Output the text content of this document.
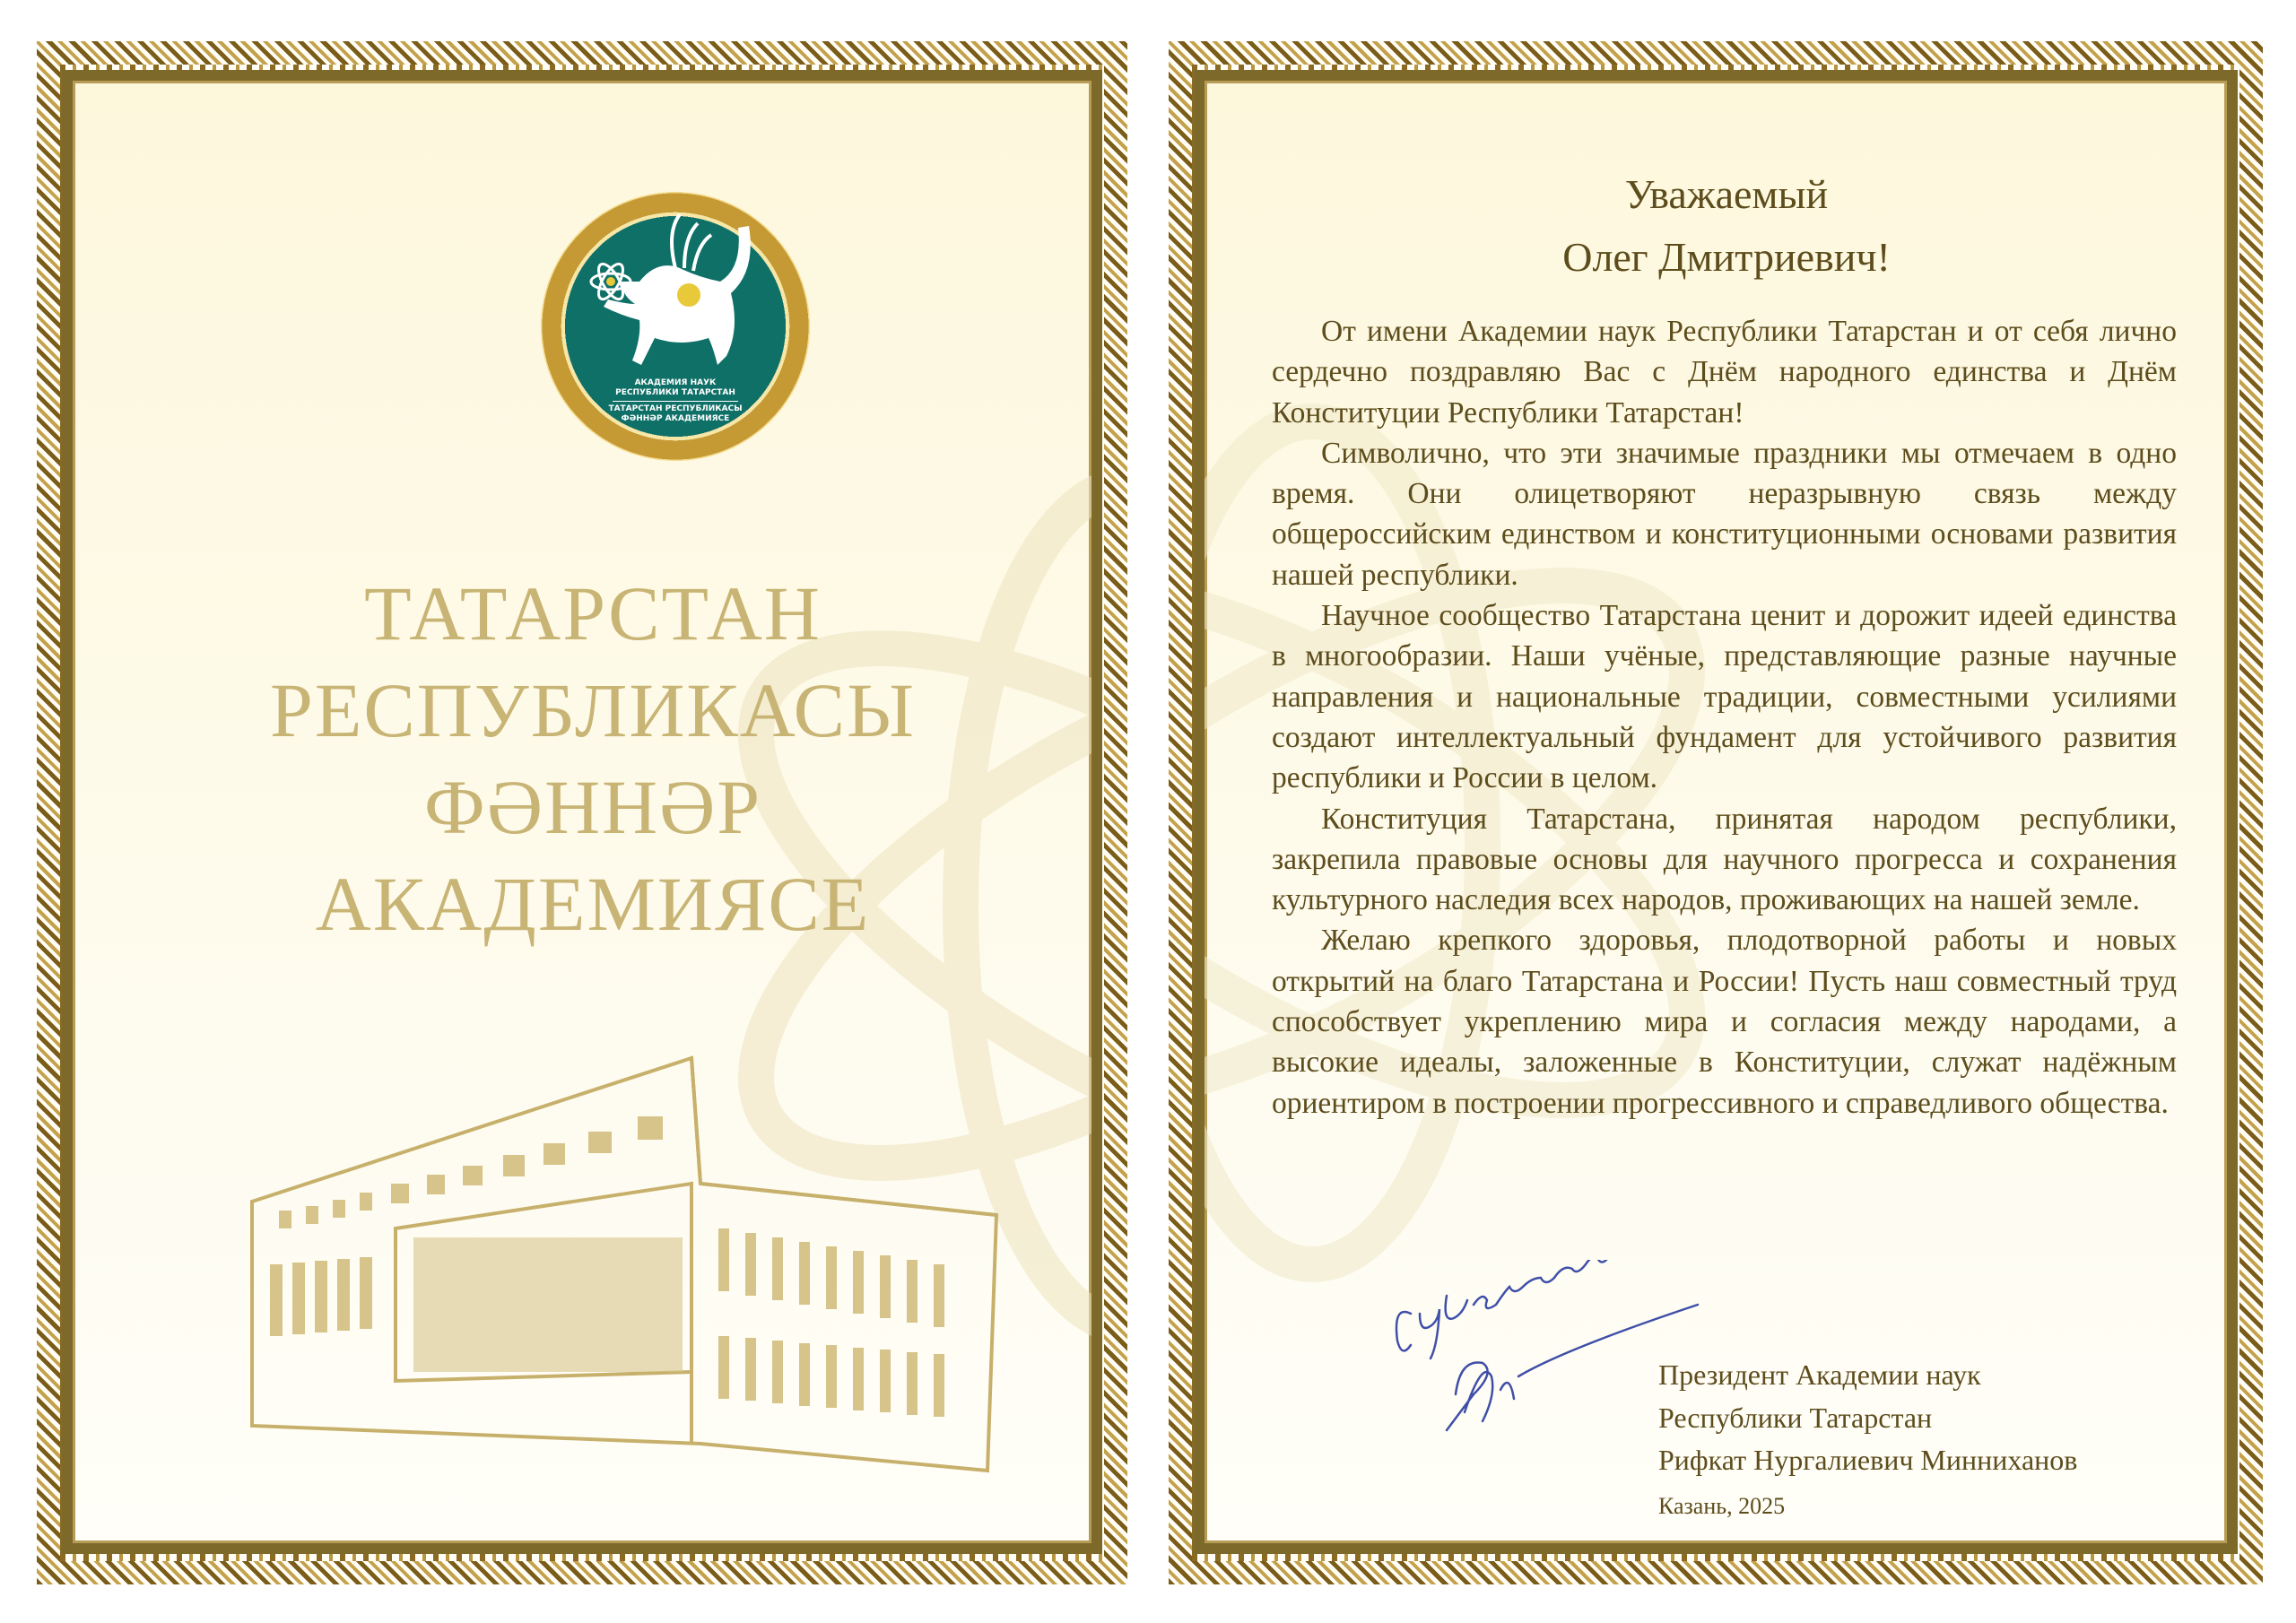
АКАДЕМИЯ НАУК
РЕСПУБЛИКИ ТАТАРСТАН
ТАТАРСТАН РЕСПУБЛИКАСЫ
ФӘННӘР АКАДЕМИЯСЕ
ТАТАРСТАН
РЕСПУБЛИКАСЫ
ФӘННӘР
АКАДЕМИЯСЕ
Уважаемый
Олег Дмитриевич!

От имени Академии наук Республики Татарстан и от себя лично сердечно поздравляю Вас с Днём народного единства и Днём Конституции Республики Татарстан!

Символично, что эти значимые праздники мы отмечаем в одно время. Они олицетворяют неразрывную связь между общероссийским единством и конституционными основами развития нашей республики.

Научное сообщество Татарстана ценит и дорожит идеей единства в многообразии. Наши учёные, представляющие разные научные направления и национальные традиции, совместными усилиями создают интеллектуальный фундамент для устойчивого развития республики и России в целом.

Конституция Татарстана, принятая народом республики, закрепила правовые основы для научного прогресса и сохранения культурного наследия всех народов, проживающих на нашей земле.

Желаю крепкого здоровья, плодотворной работы и новых открытий на благо Татарстана и России! Пусть наш совместный труд способствует укреплению мира и согласия между народами, а высокие идеалы, заложенные в Конституции, служат надёжным ориентиром в построении прогрессивного и справедливого общества.

Президент Академии наук
Республики Татарстан
Рифкат Нургалиевич Минниханов
Казань, 2025
